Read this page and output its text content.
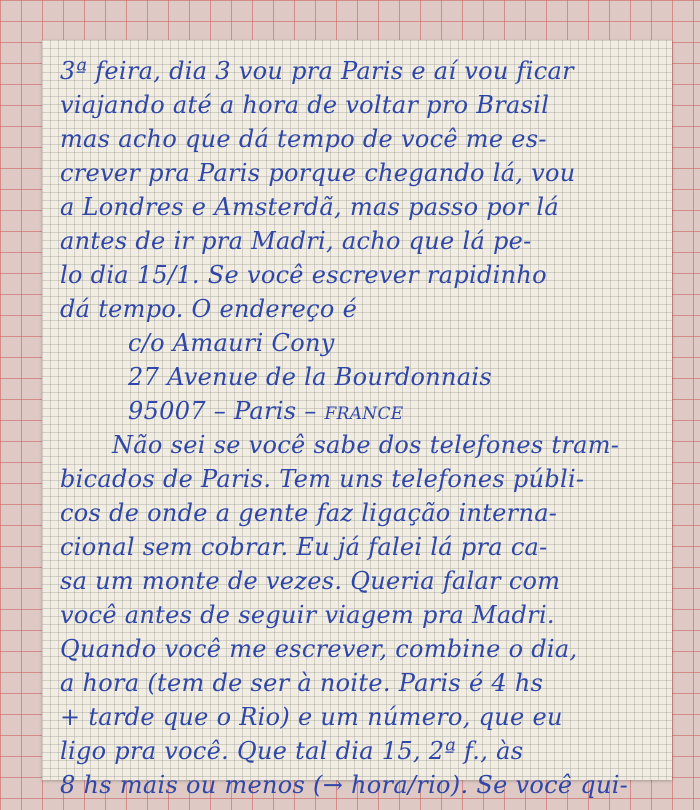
3ª feira, dia 3 vou pra Paris e aí vou ficar
viajando até a hora de voltar pro Brasil
mas acho que dá tempo de você me es-
crever pra Paris porque chegando lá, vou
a Londres e Amsterdã, mas passo por lá
antes de ir pra Madri, acho que lá pe-
lo dia 15/1. Se você escrever rapidinho
dá tempo. O endereço é
c/o Amauri Cony
27 Avenue de la Bourdonnais
95007 – Paris – FRANCE
Não sei se você sabe dos telefones tram-
bicados de Paris. Tem uns telefones públi-
cos de onde a gente faz ligação interna-
cional sem cobrar. Eu já falei lá pra ca-
sa um monte de vezes. Queria falar com
você antes de seguir viagem pra Madri.
Quando você me escrever, combine o dia,
a hora (tem de ser à noite. Paris é 4 hs
+ tarde que o Rio) e um número, que eu
ligo pra você. Que tal dia 15, 2ª f., às
8 hs mais ou menos (→ hora/rio). Se você qui-
